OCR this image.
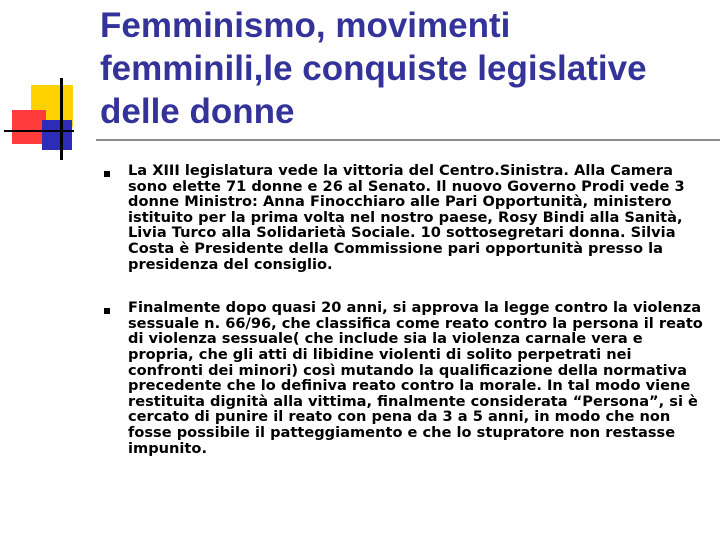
Femminismo, movimenti femminili,le conquiste legislative delle donne
La XIII legislatura vede la vittoria del Centro.Sinistra. Alla Camera sono elette 71 donne e 26 al Senato. Il nuovo Governo Prodi vede 3 donne Ministro: Anna Finocchiaro alle Pari Opportunità, ministero istituito per la prima volta nel nostro paese, Rosy Bindi alla Sanità, Livia Turco alla Solidarietà Sociale. 10 sottosegretari donna. Silvia Costa è Presidente della Commissione pari opportunità presso la presidenza del consiglio.
Finalmente dopo quasi 20 anni, si approva la legge contro la violenza sessuale n. 66/96, che classifica come reato contro la persona il reato di violenza sessuale( che include sia la violenza carnale vera e propria, che gli atti di libidine violenti di solito perpetrati nei confronti dei minori) così mutando la qualificazione della normativa precedente che lo definiva reato contro la morale. In tal modo viene restituita dignità alla vittima, finalmente considerata “Persona”, si è cercato di punire il reato con pena da 3 a 5 anni, in modo che non fosse possibile il patteggiamento e che lo stupratore non restasse impunito.
